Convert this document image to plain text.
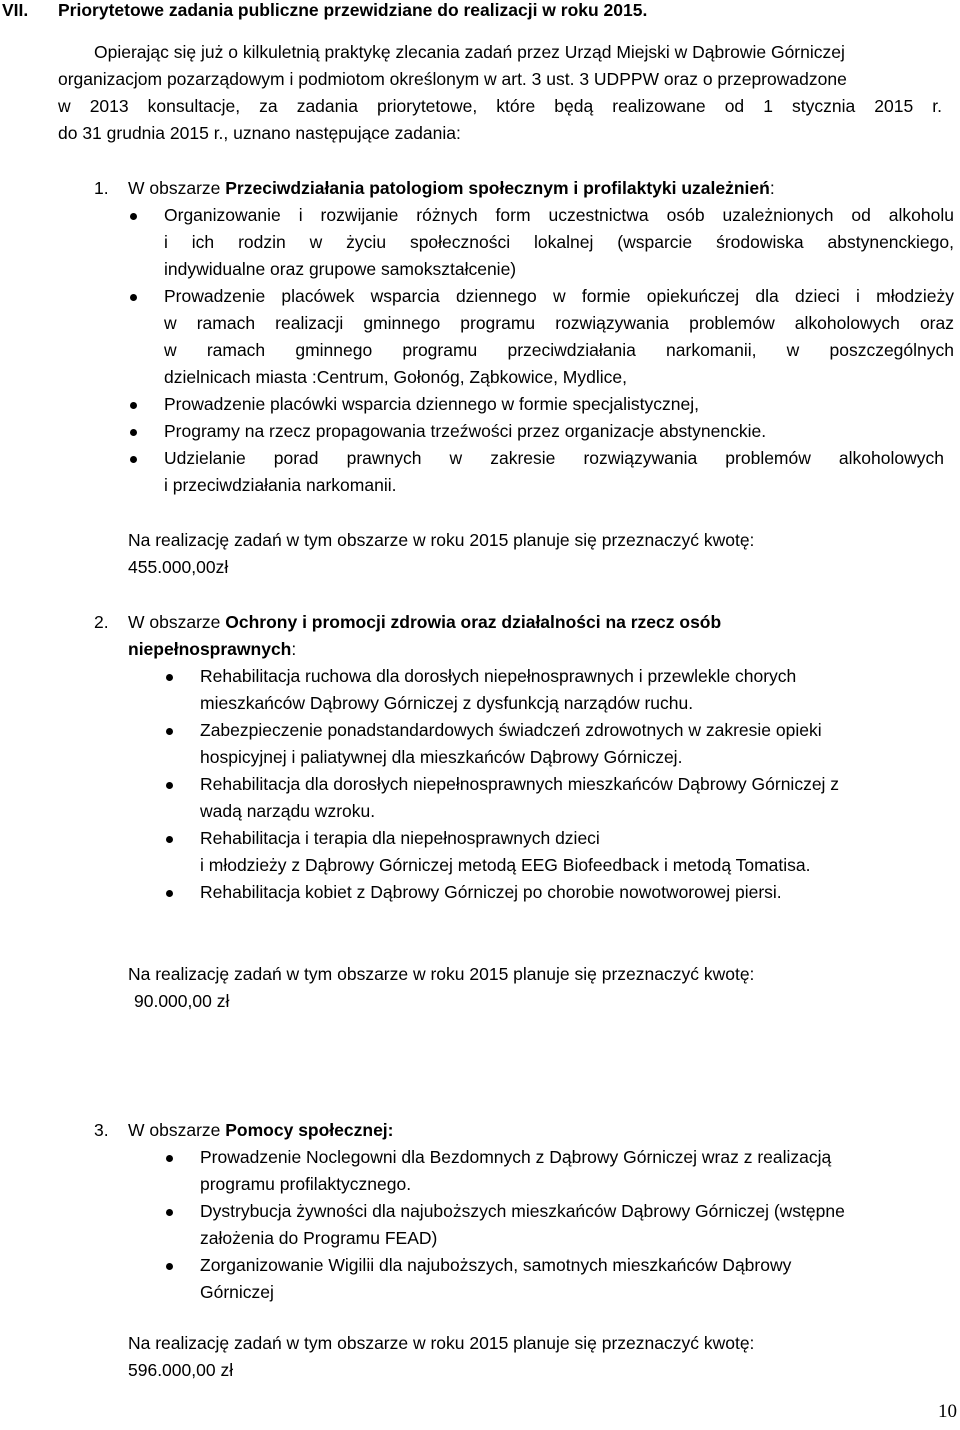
VII. Priorytetowe zadania publiczne przewidziane do realizacji w roku 2015.
Opierając się już o kilkuletnią praktykę zlecania zadań przez Urząd Miejski w Dąbrowie Górniczej
organizacjom pozarządowym i podmiotom określonym w art. 3 ust. 3 UDPPW oraz o przeprowadzone
w 2013 konsultacje, za zadania priorytetowe, które będą realizowane od 1 stycznia 2015 r.
do 31 grudnia 2015 r., uznano następujące zadania:
1. W obszarze Przeciwdziałania patologiom społecznym i profilaktyki uzależnień:
Organizowanie i rozwijanie różnych form uczestnictwa osób uzależnionych od alkoholu
i ich rodzin w życiu społeczności lokalnej (wsparcie środowiska abstynenckiego,
indywidualne oraz grupowe samokształcenie)
Prowadzenie placówek wsparcia dziennego w formie opiekuńczej dla dzieci i młodzieży
w ramach realizacji gminnego programu rozwiązywania problemów alkoholowych oraz
w ramach gminnego programu przeciwdziałania narkomanii, w poszczególnych
dzielnicach miasta :Centrum, Gołonóg, Ząbkowice, Mydlice,
Prowadzenie placówki wsparcia dziennego w formie specjalistycznej,
Programy na rzecz propagowania trzeźwości przez organizacje abstynenckie.
Udzielanie porad prawnych w zakresie rozwiązywania problemów alkoholowych
i przeciwdziałania narkomanii.
Na realizację zadań w tym obszarze w roku 2015 planuje się przeznaczyć kwotę:
455.000,00zł
2. W obszarze Ochrony i promocji zdrowia oraz działalności na rzecz osób
niepełnosprawnych:
Rehabilitacja ruchowa dla dorosłych niepełnosprawnych i przewlekle chorych
mieszkańców Dąbrowy Górniczej z dysfunkcją narządów ruchu.
Zabezpieczenie ponadstandardowych świadczeń zdrowotnych w zakresie opieki
hospicyjnej i paliatywnej dla mieszkańców Dąbrowy Górniczej.
Rehabilitacja dla dorosłych niepełnosprawnych mieszkańców Dąbrowy Górniczej z
wadą narządu wzroku.
Rehabilitacja i terapia dla niepełnosprawnych dzieci
i młodzieży z Dąbrowy Górniczej metodą EEG Biofeedback i metodą Tomatisa.
Rehabilitacja kobiet z Dąbrowy Górniczej po chorobie nowotworowej piersi.
Na realizację zadań w tym obszarze w roku 2015 planuje się przeznaczyć kwotę:
90.000,00 zł
3. W obszarze Pomocy społecznej:
Prowadzenie Noclegowni dla Bezdomnych z Dąbrowy Górniczej wraz z realizacją
programu profilaktycznego.
Dystrybucja żywności dla najuboższych mieszkańców Dąbrowy Górniczej (wstępne
założenia do Programu FEAD)
Zorganizowanie Wigilii dla najuboższych, samotnych mieszkańców Dąbrowy
Górniczej
Na realizację zadań w tym obszarze w roku 2015 planuje się przeznaczyć kwotę:
596.000,00 zł
10
